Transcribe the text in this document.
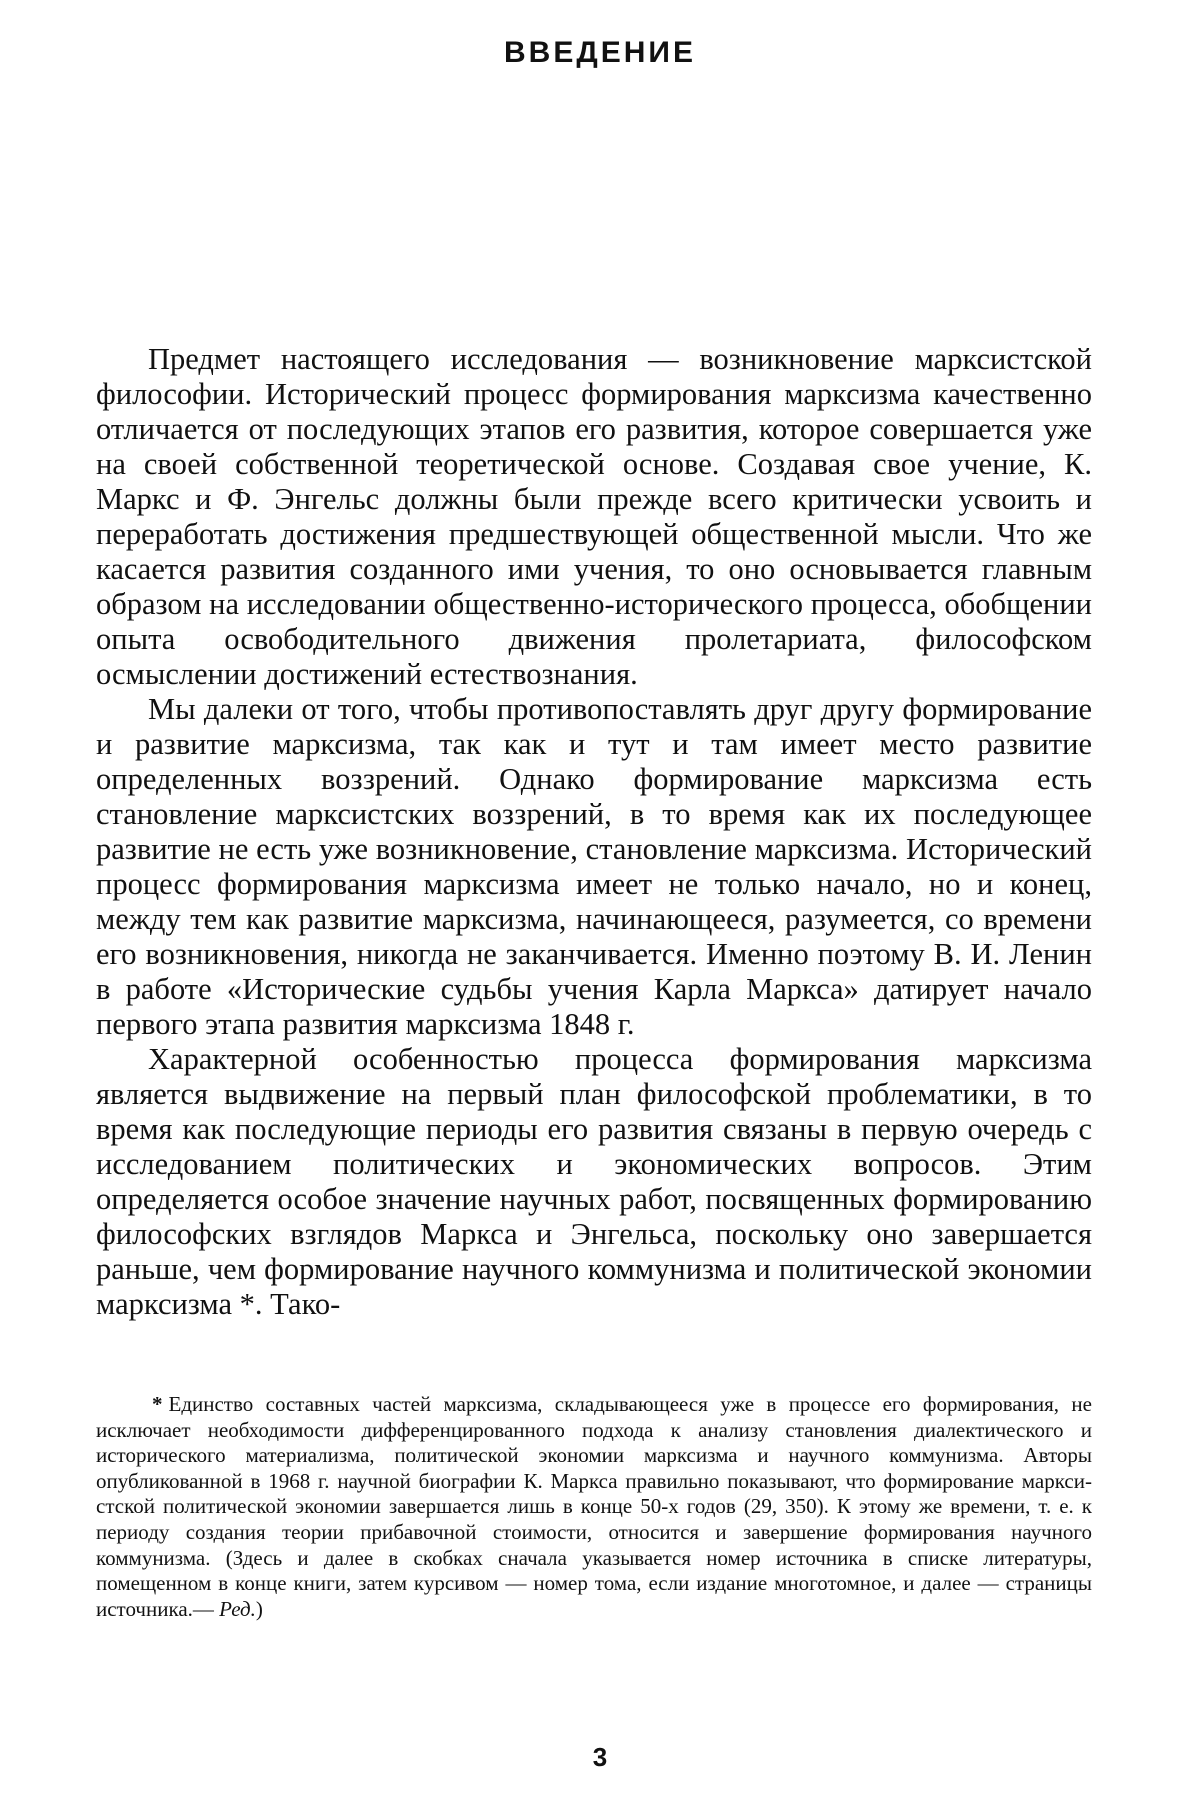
ВВЕДЕНИЕ

Предмет настоящего исследования — возникновение марксистской философии. Исторический процесс формирования марксизма качественно отличается от последующих этапов его развития, которое совершается уже на своей собственной теоретической основе. Создавая свое учение, К. Маркс и Ф. Энгельс должны были прежде всего критически усвоить и переработать достижения предшествующей общественной мысли. Что же касается развития созданного ими учения, то оно основывается главным образом на исследовании общественно-исторического процесса, обобщении опыта освободительного движения пролетариата, философском осмыслении достижений естествознания.

Мы далеки от того, чтобы противопоставлять друг другу формирование и развитие марксизма, так как и тут и там имеет место развитие определенных воззрений. Однако формирование марксизма есть становление марксистских воззрений, в то время как их последующее развитие не есть уже возникновение, становление марксизма. Исторический процесс формирования марксизма имеет не только начало, но и конец, между тем как развитие марксизма, начинающееся, разумеется, со времени его возникновения, никогда не заканчивается. Именно поэтому В. И. Ленин в работе «Исторические судьбы учения Карла Маркса» датирует начало первого этапа развития марксизма 1848 г.

Характерной особенностью процесса формирования марксизма является выдвижение на первый план философской проблематики, в то время как последующие периоды его развития связаны в первую очередь с исследованием политических и экономических вопросов. Этим определяется особое значение научных работ, посвященных формированию философских взглядов Маркса и Энгельса, поскольку оно завершается раньше, чем формирование научного коммунизма и политической экономии марксизма *. Тако-

* Единство составных частей марксизма, складывающееся уже в процессе его формирования, не исключает необходимости дифференцированного подхода к анализу становления диалектического и исторического материализма, политической экономии марксизма и научного коммунизма. Авторы опубликованной в 1968 г. научной биографии К. Маркса правильно показывают, что формирование марксистской политической экономии завершается лишь в конце 50-х годов (29, 350). К этому же времени, т. е. к периоду создания теории прибавочной стоимости, относится и завершение формирования научного коммунизма. (Здесь и далее в скобках сначала указывается номер источника в списке литературы, помещенном в конце книги, затем курсивом — номер тома, если издание многотомное, и далее — страницы источника.— Ред.)

3
